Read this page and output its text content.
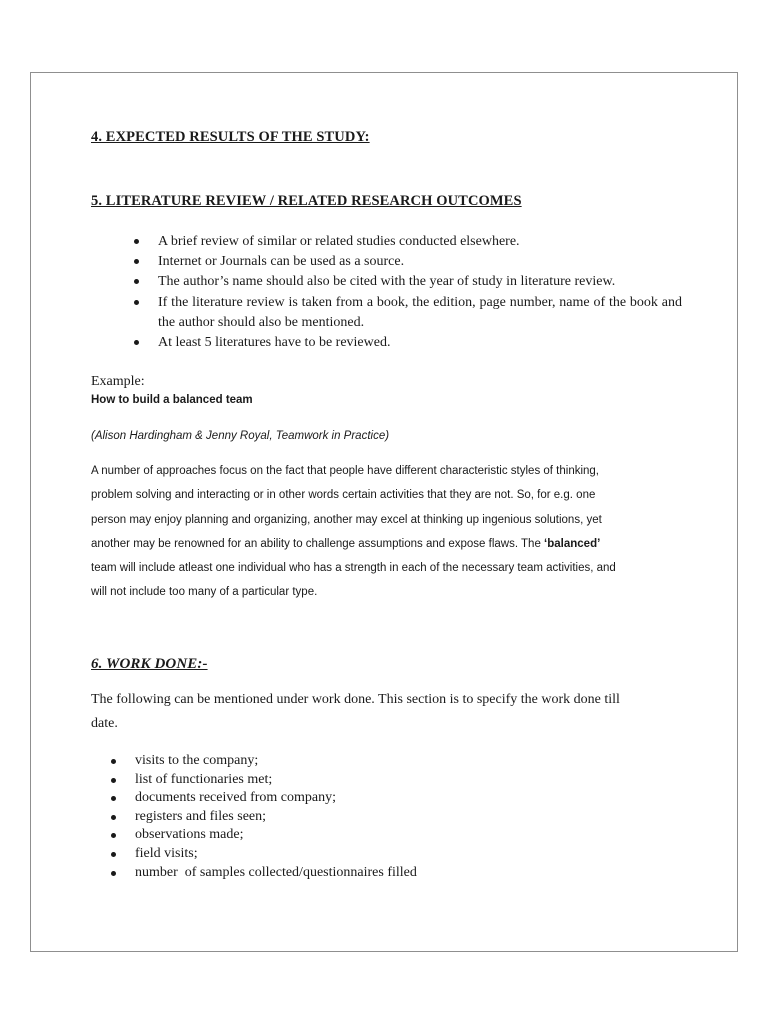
4. EXPECTED RESULTS OF THE STUDY:

5. LITERATURE REVIEW / RELATED RESEARCH OUTCOMES

A brief review of similar or related studies conducted elsewhere.
Internet or Journals can be used as a source.
The author’s name should also be cited with the year of study in literature review.
If the literature review is taken from a book, the edition, page number, name of the book and the author should also be mentioned.
At least 5 literatures have to be reviewed.

Example:

How to build a balanced team

(Alison Hardingham & Jenny Royal, Teamwork in Practice)

A number of approaches focus on the fact that people have different characteristic styles of thinking,

problem solving and interacting or in other words certain activities that they are not. So, for e.g. one

person may enjoy planning and organizing, another may excel at thinking up ingenious solutions, yet

another may be renowned for an ability to challenge assumptions and expose flaws. The ‘balanced’

team will include atleast one individual who has a strength in each of the necessary team activities, and

will not include too many of a particular type.

6. WORK DONE:-

The following can be mentioned under work done. This section is to specify the work done till

date.

visits to the company;
list of functionaries met;
documents received from company;
registers and files seen;
observations made;
field visits;
number  of samples collected/questionnaires filled
